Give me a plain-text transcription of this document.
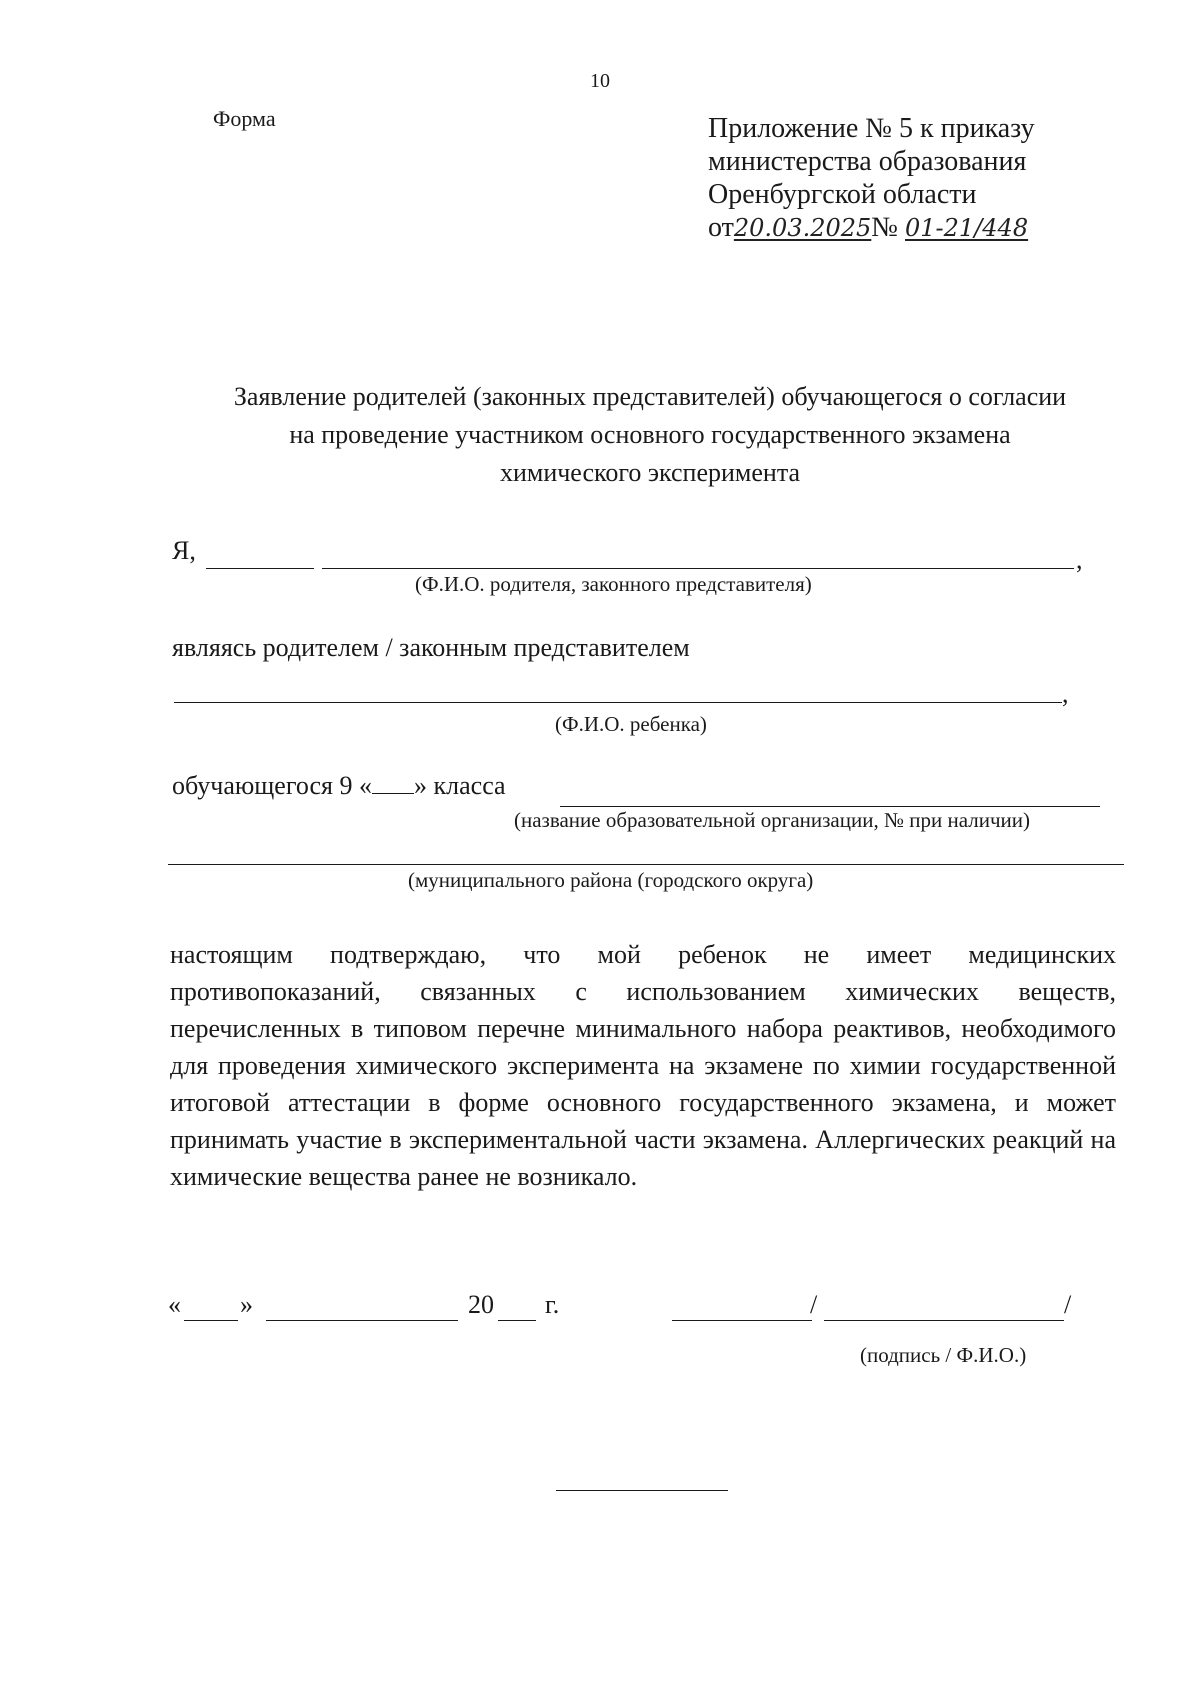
10
Форма	Приложение № 5 к приказу
министерства образования
Оренбургской области
от20.03.2025№ 01-21/448
Заявление родителей (законных представителей) обучающегося о согласии
на проведение участником основного государственного экзамена
химического эксперимента
Я,	,
(Ф.И.О. родителя, законного представителя)
являясь родителем / законным представителем
,
(Ф.И.О. ребенка)
обучающегося 9 « » класса
(название образовательной организации, № при наличии)
(муниципального района (городского округа)
настоящим подтверждаю, что мой ребенок не имеет медицинских противопоказаний, связанных с использованием химических веществ, перечисленных в типовом перечне минимального набора реактивов, необходимого для проведения химического эксперимента на экзамене по химии государственной итоговой аттестации в форме основного государственного экзамена, и может принимать участие в экспериментальной части экзамена. Аллергических реакций на химические вещества ранее не возникало.
« »	20 г.	/	/
(подпись / Ф.И.О.)
